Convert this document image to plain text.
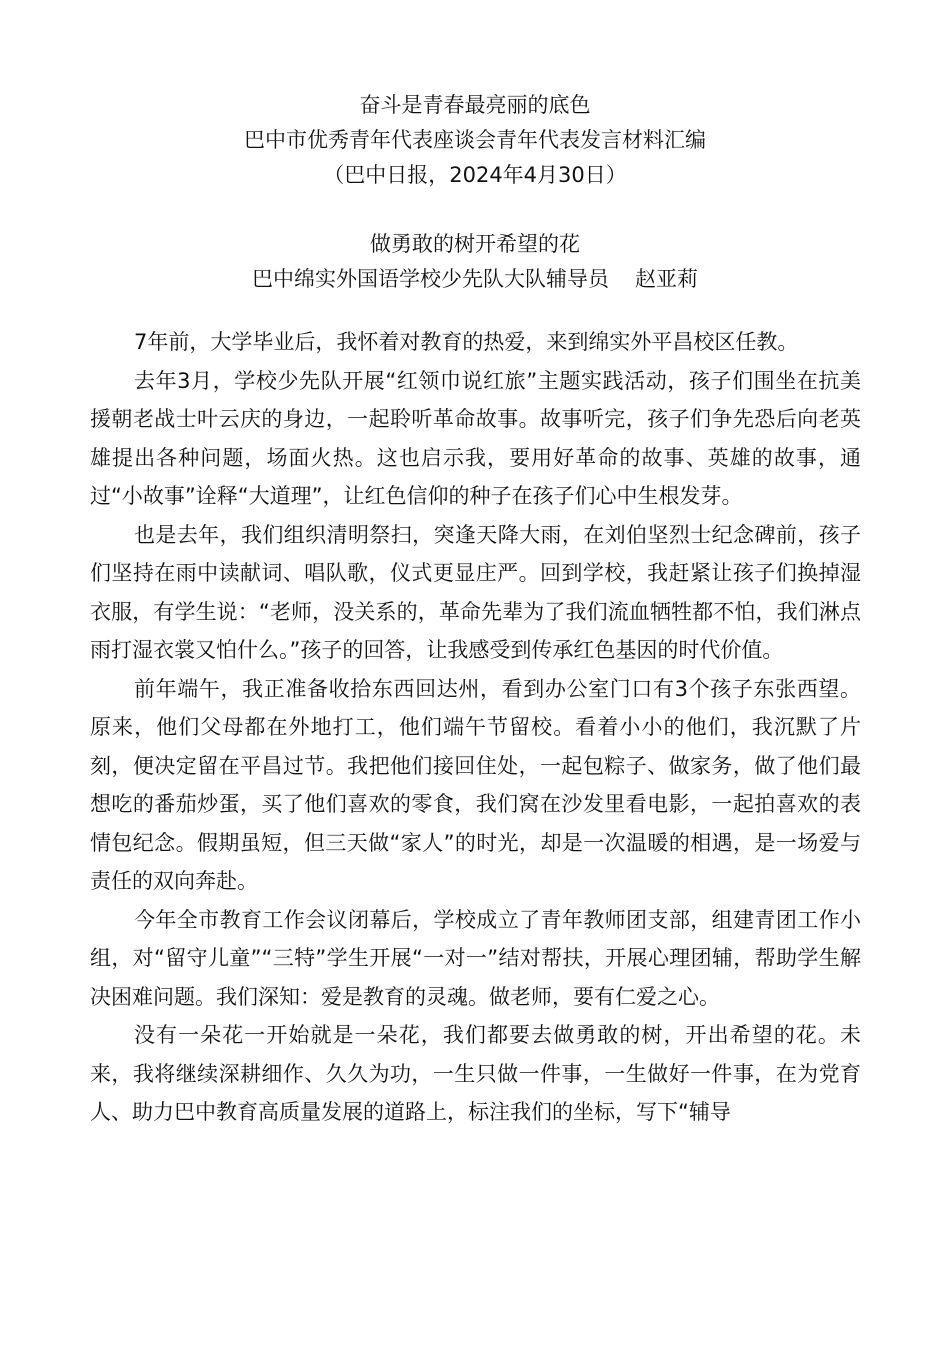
奋斗是青春最亮丽的底色
巴中市优秀青年代表座谈会青年代表发言材料汇编
（巴中日报，2024年4月30日）
做勇敢的树开希望的花
巴中绵实外国语学校少先队大队辅导员 赵亚莉

7年前，大学毕业后，我怀着对教育的热爱，来到绵实外平昌校区任教。

去年3月，学校少先队开展“红领巾说红旅”主题实践活动，孩子们围坐在抗美援朝老战士叶云庆的身边，一起聆听革命故事。故事听完，孩子们争先恐后向老英雄提出各种问题，场面火热。这也启示我，要用好革命的故事、英雄的故事，通过“小故事”诠释“大道理”，让红色信仰的种子在孩子们心中生根发芽。

也是去年，我们组织清明祭扫，突逢天降大雨，在刘伯坚烈士纪念碑前，孩子们坚持在雨中读献词、唱队歌，仪式更显庄严。回到学校，我赶紧让孩子们换掉湿衣服，有学生说：“老师，没关系的，革命先辈为了我们流血牺牲都不怕，我们淋点雨打湿衣裳又怕什么。”孩子的回答，让我感受到传承红色基因的时代价值。

前年端午，我正准备收拾东西回达州，看到办公室门口有3个孩子东张西望。原来，他们父母都在外地打工，他们端午节留校。看着小小的他们，我沉默了片刻，便决定留在平昌过节。我把他们接回住处，一起包粽子、做家务，做了他们最想吃的番茄炒蛋，买了他们喜欢的零食，我们窝在沙发里看电影，一起拍喜欢的表情包纪念。假期虽短，但三天做“家人”的时光，却是一次温暖的相遇，是一场爱与责任的双向奔赴。

今年全市教育工作会议闭幕后，学校成立了青年教师团支部，组建青团工作小组，对“留守儿童”“三特”学生开展“一对一”结对帮扶，开展心理团辅，帮助学生解决困难问题。我们深知：爱是教育的灵魂。做老师，要有仁爱之心。

没有一朵花一开始就是一朵花，我们都要去做勇敢的树，开出希望的花。未来，我将继续深耕细作、久久为功，一生只做一件事，一生做好一件事，在为党育人、助力巴中教育高质量发展的道路上，标注我们的坐标，写下“辅导
